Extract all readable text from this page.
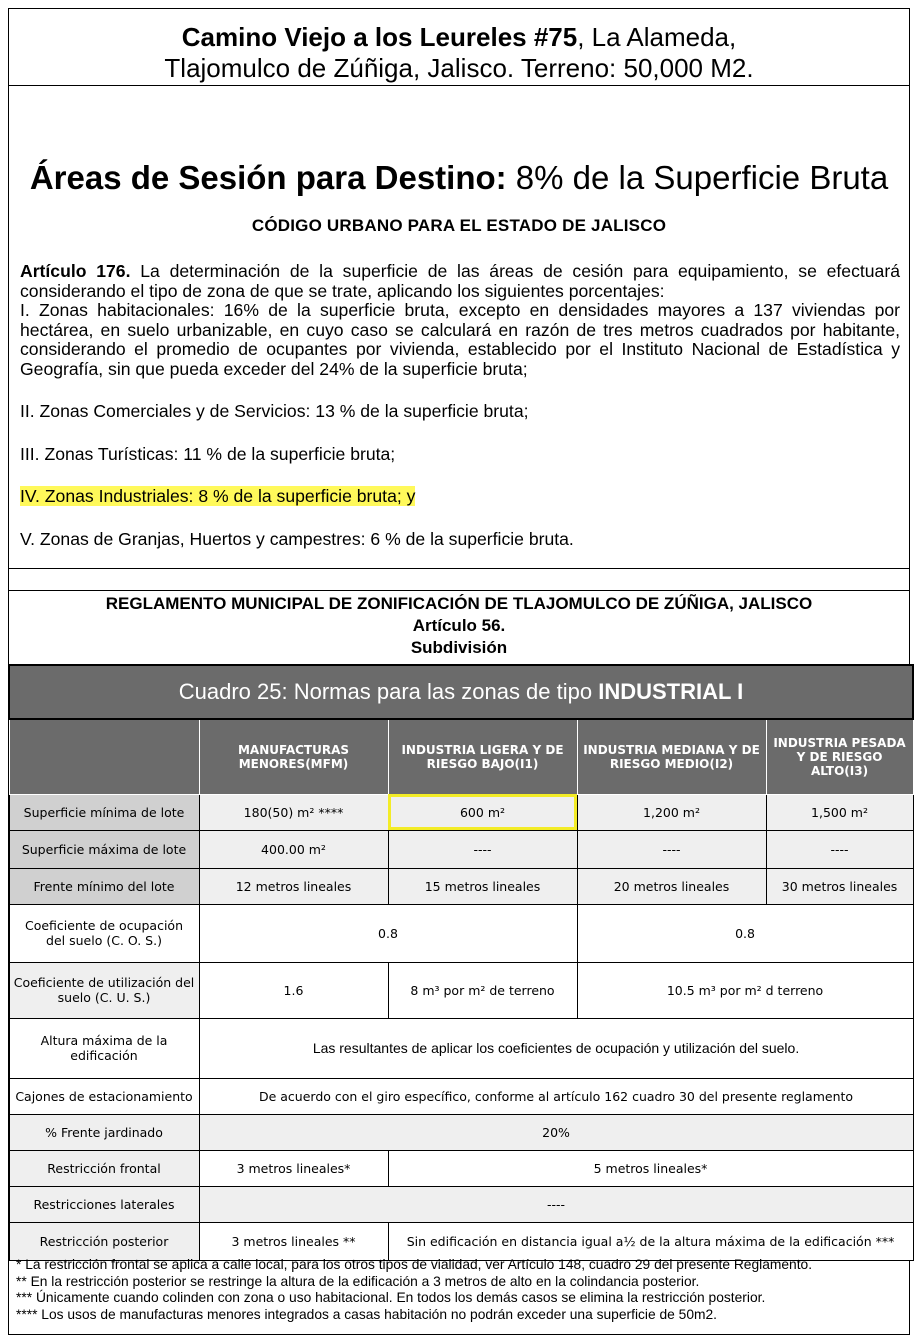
Camino Viejo a los Leureles #75, La Alameda,
Tlajomulco de Zúñiga, Jalisco. Terreno: 50,000 M2.
Áreas de Sesión para Destino: 8% de la Superficie Bruta
CÓDIGO URBANO PARA EL ESTADO DE JALISCO

Artículo 176. La determinación de la superficie de las áreas de cesión para equipamiento, se efectuará considerando el tipo de zona de que se trate, aplicando los siguientes porcentajes:

I. Zonas habitacionales: 16% de la superficie bruta, excepto en densidades mayores a 137 viviendas por hectárea, en suelo urbanizable, en cuyo caso se calculará en razón de tres metros cuadrados por habitante, considerando el promedio de ocupantes por vivienda, establecido por el Instituto Nacional de Estadística y Geografía, sin que pueda exceder del 24% de la superficie bruta;

II. Zonas Comerciales y de Servicios: 13 % de la superficie bruta;

III. Zonas Turísticas: 11 % de la superficie bruta;

IV. Zonas Industriales: 8 % de la superficie bruta; y

V. Zonas de Granjas, Huertos y campestres: 6 % de la superficie bruta.

REGLAMENTO MUNICIPAL DE ZONIFICACIÓN DE TLAJOMULCO DE ZÚÑIGA, JALISCO
Artículo 56.
Subdivisión
Cuadro 25: Normas para las zonas de tipo INDUSTRIAL I				
	MANUFACTURAS MENORES(MFM)	INDUSTRIA LIGERA Y DE RIESGO BAJO(I1)	INDUSTRIA MEDIANA Y DE RIESGO MEDIO(I2)	INDUSTRIA PESADA Y DE RIESGO ALTO(I3)
Superficie mínima de lote	180(50) m² ****	600 m²	1,200 m²	1,500 m²
Superficie máxima de lote	400.00 m²	----	----	----
Frente mínimo del lote	12 metros lineales	15 metros lineales	20 metros lineales	30 metros lineales
Coeficiente de ocupación del suelo (C. O. S.)	0.8		0.8	
Coeficiente de utilización del suelo (C. U. S.)	1.6	8 m³ por m² de terreno	10.5 m³ por m² d terreno	
Altura máxima de la edificación	Las resultantes de aplicar los coeficientes de ocupación y utilización del suelo.			
Cajones de estacionamiento	De acuerdo con el giro específico, conforme al artículo 162 cuadro 30 del presente reglamento			
% Frente jardinado	20%			
Restricción frontal	3 metros lineales*	5 metros lineales*		
Restricciones laterales	----			
Restricción posterior	3 metros lineales **	Sin edificación en distancia igual a½ de la altura máxima de la edificación ***		

* La restricción frontal se aplica a calle local, para los otros tipos de vialidad, ver Artículo 148, cuadro 29 del presente Reglamento.

** En la restricción posterior se restringe la altura de la edificación a 3 metros de alto en la colindancia posterior.

*** Únicamente cuando colinden con zona o uso habitacional. En todos los demás casos se elimina la restricción posterior.

**** Los usos de manufacturas menores integrados a casas habitación no podrán exceder una superficie de 50m2.
